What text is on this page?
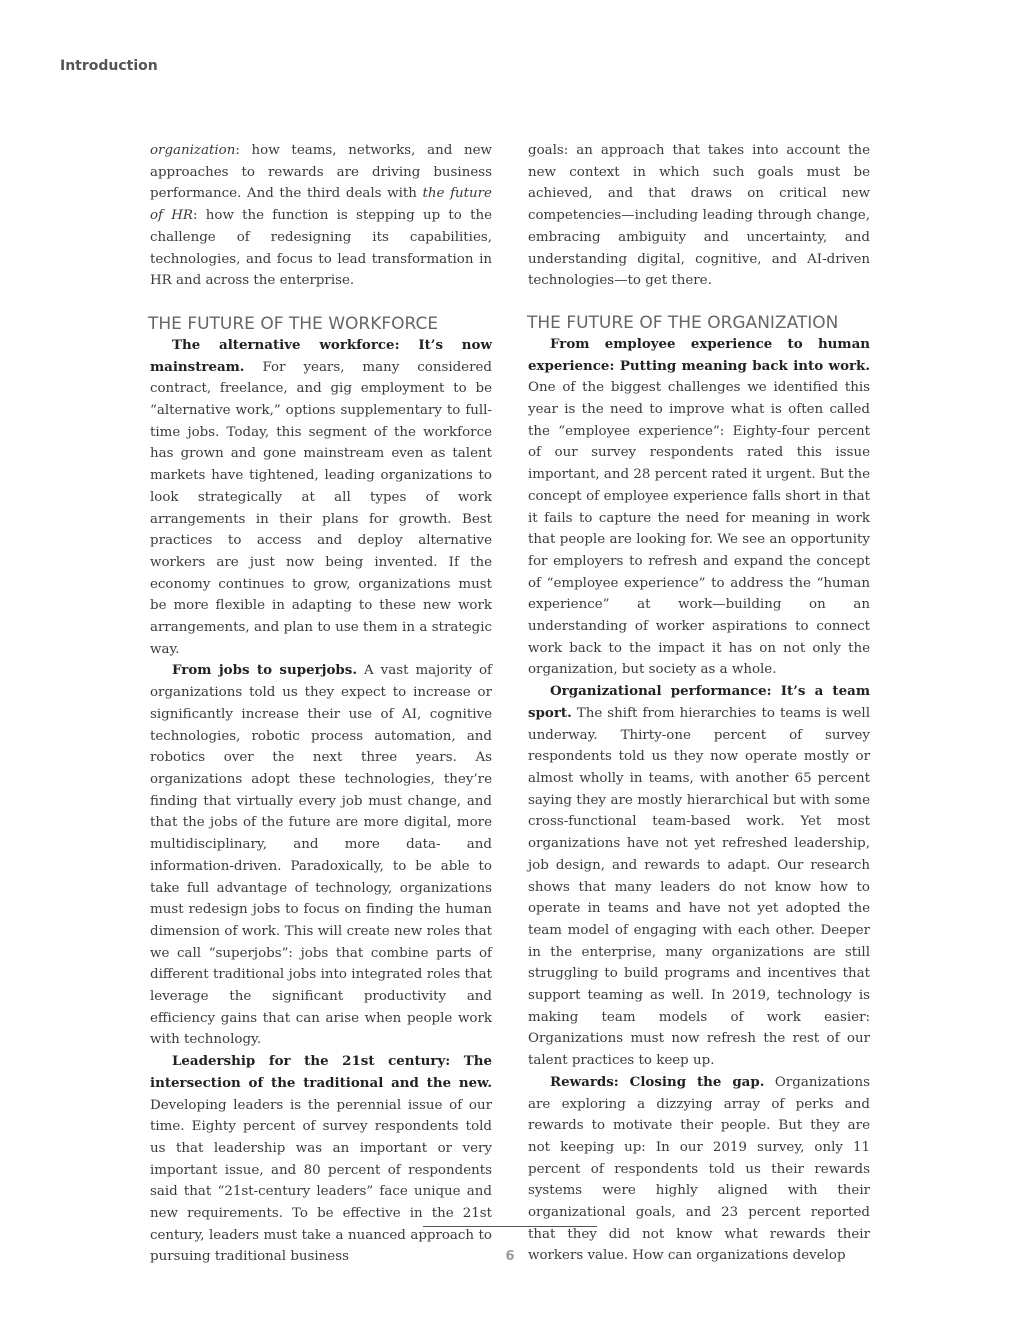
Introduction

organization: how teams, networks, and new approaches to rewards are driving business performance. And the third deals with the future of HR: how the function is stepping up to the challenge of redesigning its capabilities, technologies, and focus to lead transformation in HR and across the enterprise.

THE FUTURE OF THE WORKFORCE

The alternative workforce: It’s now mainstream. For years, many considered contract, freelance, and gig employment to be “alternative work,” options supplementary to full-time jobs. Today, this segment of the workforce has grown and gone mainstream even as talent markets have tightened, leading organizations to look strategically at all types of work arrangements in their plans for growth. Best practices to access and deploy alternative workers are just now being invented. If the economy continues to grow, organizations must be more flexible in adapting to these new work arrangements, and plan to use them in a strategic way.

From jobs to superjobs. A vast majority of organizations told us they expect to increase or significantly increase their use of AI, cognitive technologies, robotic process automation, and robotics over the next three years. As organizations adopt these technologies, they’re finding that virtually every job must change, and that the jobs of the future are more digital, more multidisciplinary, and more data- and information-driven. Paradoxically, to be able to take full advantage of technology, organizations must redesign jobs to focus on finding the human dimension of work. This will create new roles that we call “superjobs”: jobs that combine parts of different traditional jobs into integrated roles that leverage the significant productivity and efficiency gains that can arise when people work with technology.

Leadership for the 21st century: The intersection of the traditional and the new. Developing leaders is the perennial issue of our time. Eighty percent of survey respondents told us that leadership was an important or very important issue, and 80 percent of respondents said that “21st-century leaders” face unique and new requirements. To be effective in the 21st century, leaders must take a nuanced approach to pursuing traditional business

goals: an approach that takes into account the new context in which such goals must be achieved, and that draws on critical new competencies—including leading through change, embracing ambiguity and uncertainty, and understanding digital, cognitive, and AI-driven technologies—to get there.

THE FUTURE OF THE ORGANIZATION

From employee experience to human experience: Putting meaning back into work. One of the biggest challenges we identified this year is the need to improve what is often called the “employee experience”: Eighty-four percent of our survey respondents rated this issue important, and 28 percent rated it urgent. But the concept of employee experience falls short in that it fails to capture the need for meaning in work that people are looking for. We see an opportunity for employers to refresh and expand the concept of “employee experience” to address the “human experience” at work—building on an understanding of worker aspirations to connect work back to the impact it has on not only the organization, but society as a whole.

Organizational performance: It’s a team sport. The shift from hierarchies to teams is well underway. Thirty-one percent of survey respondents told us they now operate mostly or almost wholly in teams, with another 65 percent saying they are mostly hierarchical but with some cross-functional team-based work. Yet most organizations have not yet refreshed leadership, job design, and rewards to adapt. Our research shows that many leaders do not know how to operate in teams and have not yet adopted the team model of engaging with each other. Deeper in the enterprise, many organizations are still struggling to build programs and incentives that support teaming as well. In 2019, technology is making team models of work easier: Organizations must now refresh the rest of our talent practices to keep up.

Rewards: Closing the gap. Organizations are exploring a dizzying array of perks and rewards to motivate their people. But they are not keeping up: In our 2019 survey, only 11 percent of respondents told us their rewards systems were highly aligned with their organizational goals, and 23 percent reported that they did not know what rewards their workers value. How can organizations develop

6
